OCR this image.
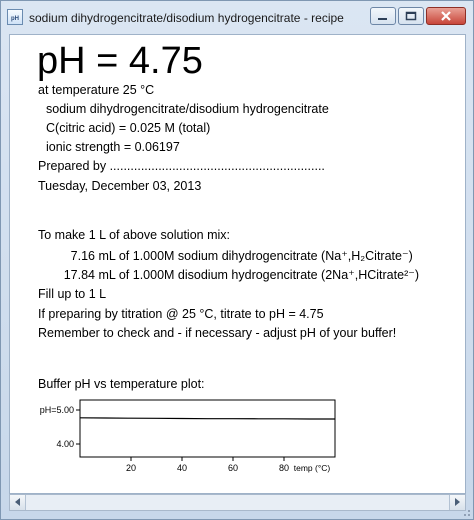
pH sodium dihydrogencitrate/disodium hydrogencitrate - recipe
pH = 4.75
at temperature 25 °C
sodium dihydrogencitrate/disodium hydrogencitrate
C(citric acid) = 0.025 M (total)
ionic strength = 0.06197
Prepared by ..............................................................
Tuesday, December 03, 2013
To make 1 L of above solution mix:
7.16 mL of 1.000M sodium dihydrogencitrate (Na⁺,H₂Citrate⁻)
17.84 mL of 1.000M disodium hydrogencitrate (2Na⁺,HCitrate²⁻)
Fill up to 1 L
If preparing by titration @ 25 °C, titrate to pH = 4.75
Remember to check and - if necessary - adjust pH of your buffer!
Buffer pH vs temperature plot:
pH=5.00
4.00
20	40	60	80 temp (°C)
